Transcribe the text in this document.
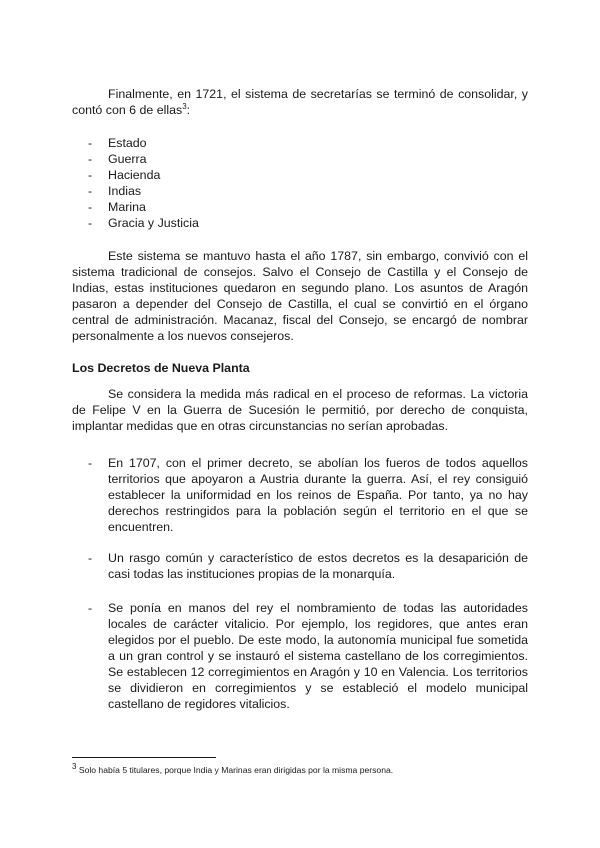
Finalmente, en 1721, el sistema de secretarías se terminó de consolidar, y contó con 6 de ellas$^3$:

- Estado
- Guerra
- Hacienda
- Indias
- Marina
- Gracia y Justicia

Este sistema se mantuvo hasta el año 1787, sin embargo, convivió con el sistema tradicional de consejos. Salvo el Consejo de Castilla y el Consejo de Indias, estas instituciones quedaron en segundo plano. Los asuntos de Aragón pasaron a depender del Consejo de Castilla, el cual se convirtió en el órgano central de administración. Macanaz, fiscal del Consejo, se encargó de nombrar personalmente a los nuevos consejeros.

Los Decretos de Nueva Planta

Se considera la medida más radical en el proceso de reformas. La victoria de Felipe V en la Guerra de Sucesión le permitió, por derecho de conquista, implantar medidas que en otras circunstancias no serían aprobadas.

- En 1707, con el primer decreto, se abolían los fueros de todos aquellos territorios que apoyaron a Austria durante la guerra. Así, el rey consiguió establecer la uniformidad en los reinos de España. Por tanto, ya no hay derechos restringidos para la población según el territorio en el que se encuentren.

- Un rasgo común y característico de estos decretos es la desaparición de casi todas las instituciones propias de la monarquía.

- Se ponía en manos del rey el nombramiento de todas las autoridades locales de carácter vitalicio. Por ejemplo, los regidores, que antes eran elegidos por el pueblo. De este modo, la autonomía municipal fue sometida a un gran control y se instauró el sistema castellano de los corregimientos. Se establecen 12 corregimientos en Aragón y 10 en Valencia. Los territorios se dividieron en corregimientos y se estableció el modelo municipal castellano de regidores vitalicios.

$^3$ Solo había 5 titulares, porque India y Marinas eran dirigidas por la misma persona.
